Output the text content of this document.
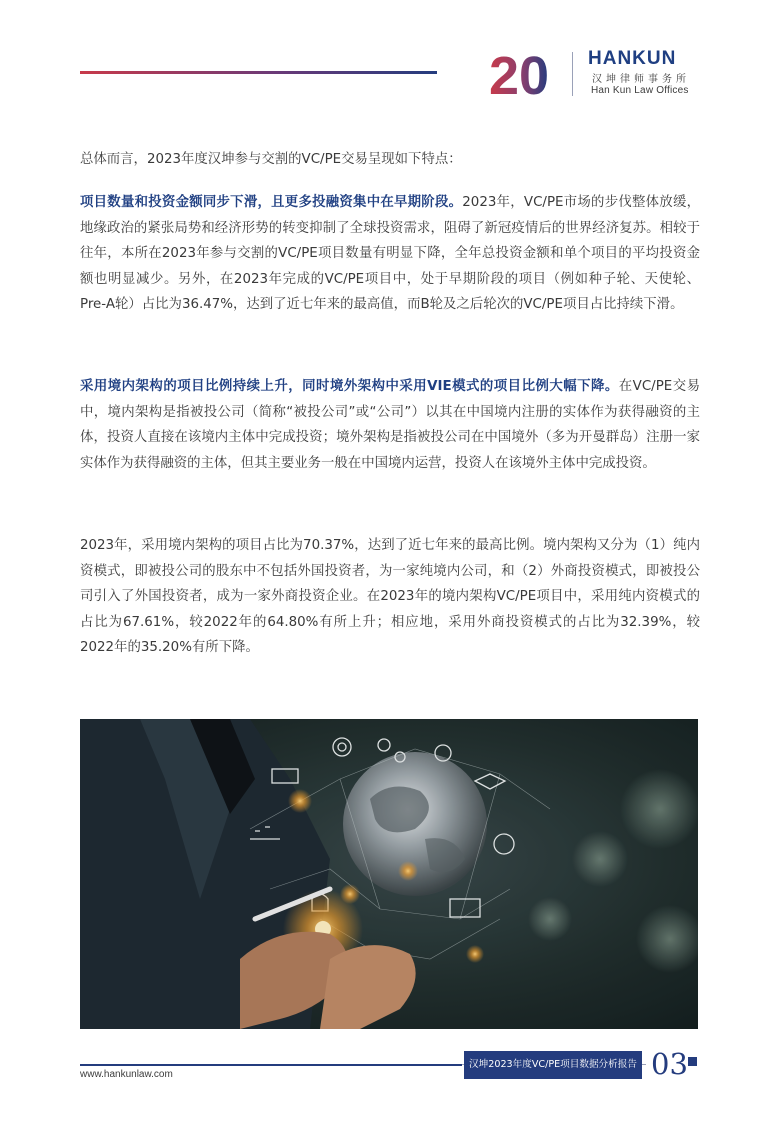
20 HANKUN
汉坤律师事务所
Han Kun Law Offices

总体而言，2023年度汉坤参与交割的VC/PE交易呈现如下特点：

项目数量和投资金额同步下滑，且更多投融资集中在早期阶段。2023年，VC/PE市场的步伐整体放缓，地缘政治的紧张局势和经济形势的转变抑制了全球投资需求，阻碍了新冠疫情后的世界经济复苏。相较于往年，本所在2023年参与交割的VC/PE项目数量有明显下降，全年总投资金额和单个项目的平均投资金额也明显减少。另外，在2023年完成的VC/PE项目中，处于早期阶段的项目（例如种子轮、天使轮、Pre-A轮）占比为36.47%，达到了近七年来的最高值，而B轮及之后轮次的VC/PE项目占比持续下滑。

采用境内架构的项目比例持续上升，同时境外架构中采用VIE模式的项目比例大幅下降。在VC/PE交易中，境内架构是指被投公司（简称“被投公司”或“公司”）以其在中国境内注册的实体作为获得融资的主体，投资人直接在该境内主体中完成投资；境外架构是指被投公司在中国境外（多为开曼群岛）注册一家实体作为获得融资的主体，但其主要业务一般在中国境内运营，投资人在该境外主体中完成投资。

2023年，采用境内架构的项目占比为70.37%，达到了近七年来的最高比例。境内架构又分为（1）纯内资模式，即被投公司的股东中不包括外国投资者，为一家纯境内公司，和（2）外商投资模式，即被投公司引入了外国投资者，成为一家外商投资企业。在2023年的境内架构VC/PE项目中，采用纯内资模式的占比为67.61%，较2022年的64.80%有所上升；相应地，采用外商投资模式的占比为32.39%，较2022年的35.20%有所下降。

www.hankunlaw.com
汉坤2023年度VC/PE项目数据分析报告 03
